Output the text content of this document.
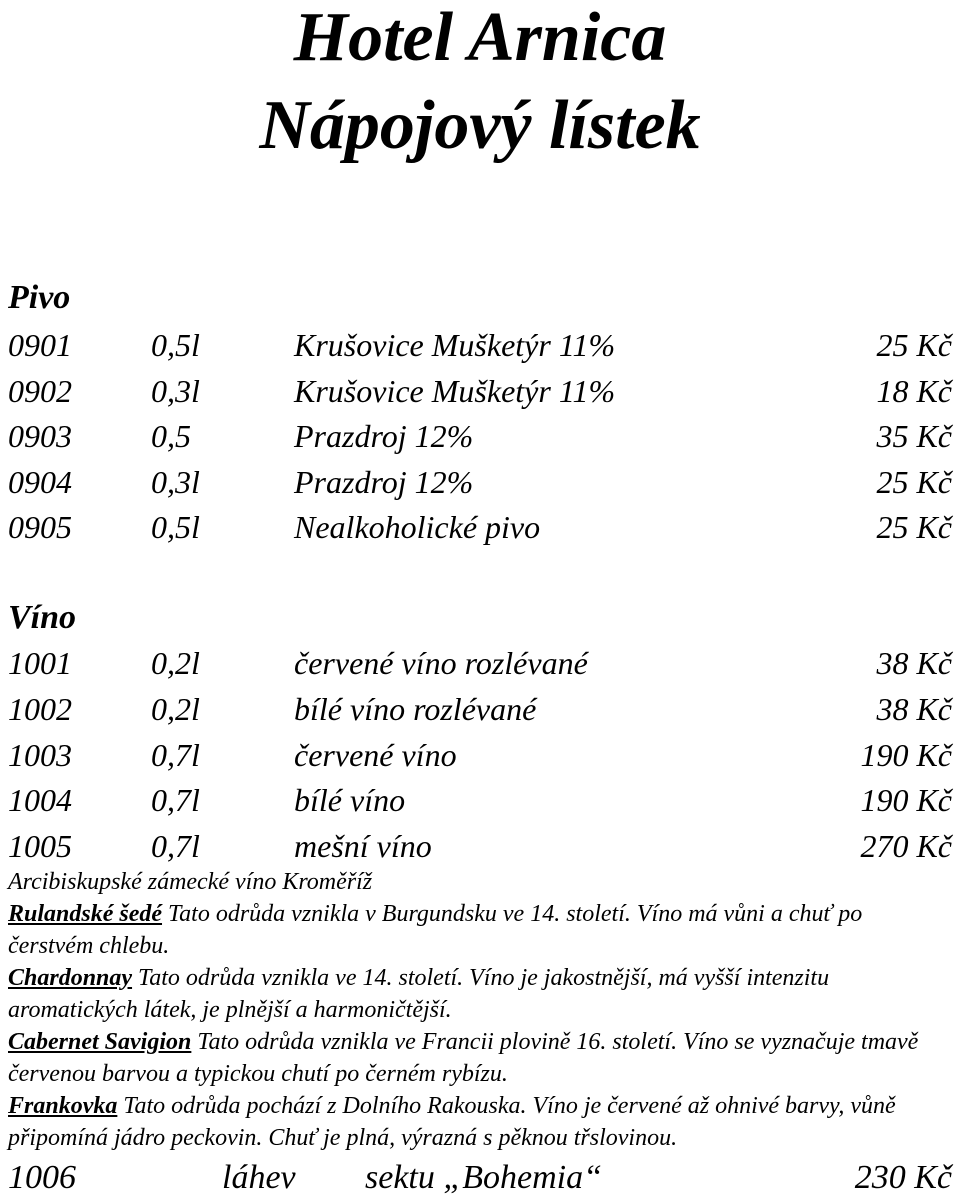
Hotel Arnica
Nápojový lístek
Pivo
0901 0,5l	Krušovice Mušketýr 11%	25 Kč
0902 0,3l	Krušovice Mušketýr 11%	18 Kč
0903 0,5	Prazdroj 12%	35 Kč
0904 0,3l	Prazdroj 12%	25 Kč
0905 0,5l	Nealkoholické pivo	25 Kč
Víno
1001 0,2l	červené víno rozlévané	38 Kč
1002 0,2l	bílé víno rozlévané	38 Kč
1003 0,7l	červené víno	190 Kč
1004 0,7l	bílé víno	190 Kč
1005 0,7l	mešní víno	270 Kč
Arcibiskupské zámecké víno Kroměříž
Rulandské šedé Tato odrůda vznikla v Burgundsku ve 14. století. Víno má vůni a chuť po
čerstvém chlebu.
Chardonnay Tato odrůda vznikla ve 14. století. Víno je jakostnější, má vyšší intenzitu
aromatických látek, je plnější a harmoničtější.
Cabernet Savigion Tato odrůda vznikla ve Francii plovině 16. století. Víno se vyznačuje tmavě
červenou barvou a typickou chutí po černém rybízu.
Frankovka Tato odrůda pochází z Dolního Rakouska. Víno je červené až ohnivé barvy, vůně
připomíná jádro peckovin. Chuť je plná, výrazná s pěknou třslovinou.
1006	láhev sektu „Bohemia“	230 Kč
